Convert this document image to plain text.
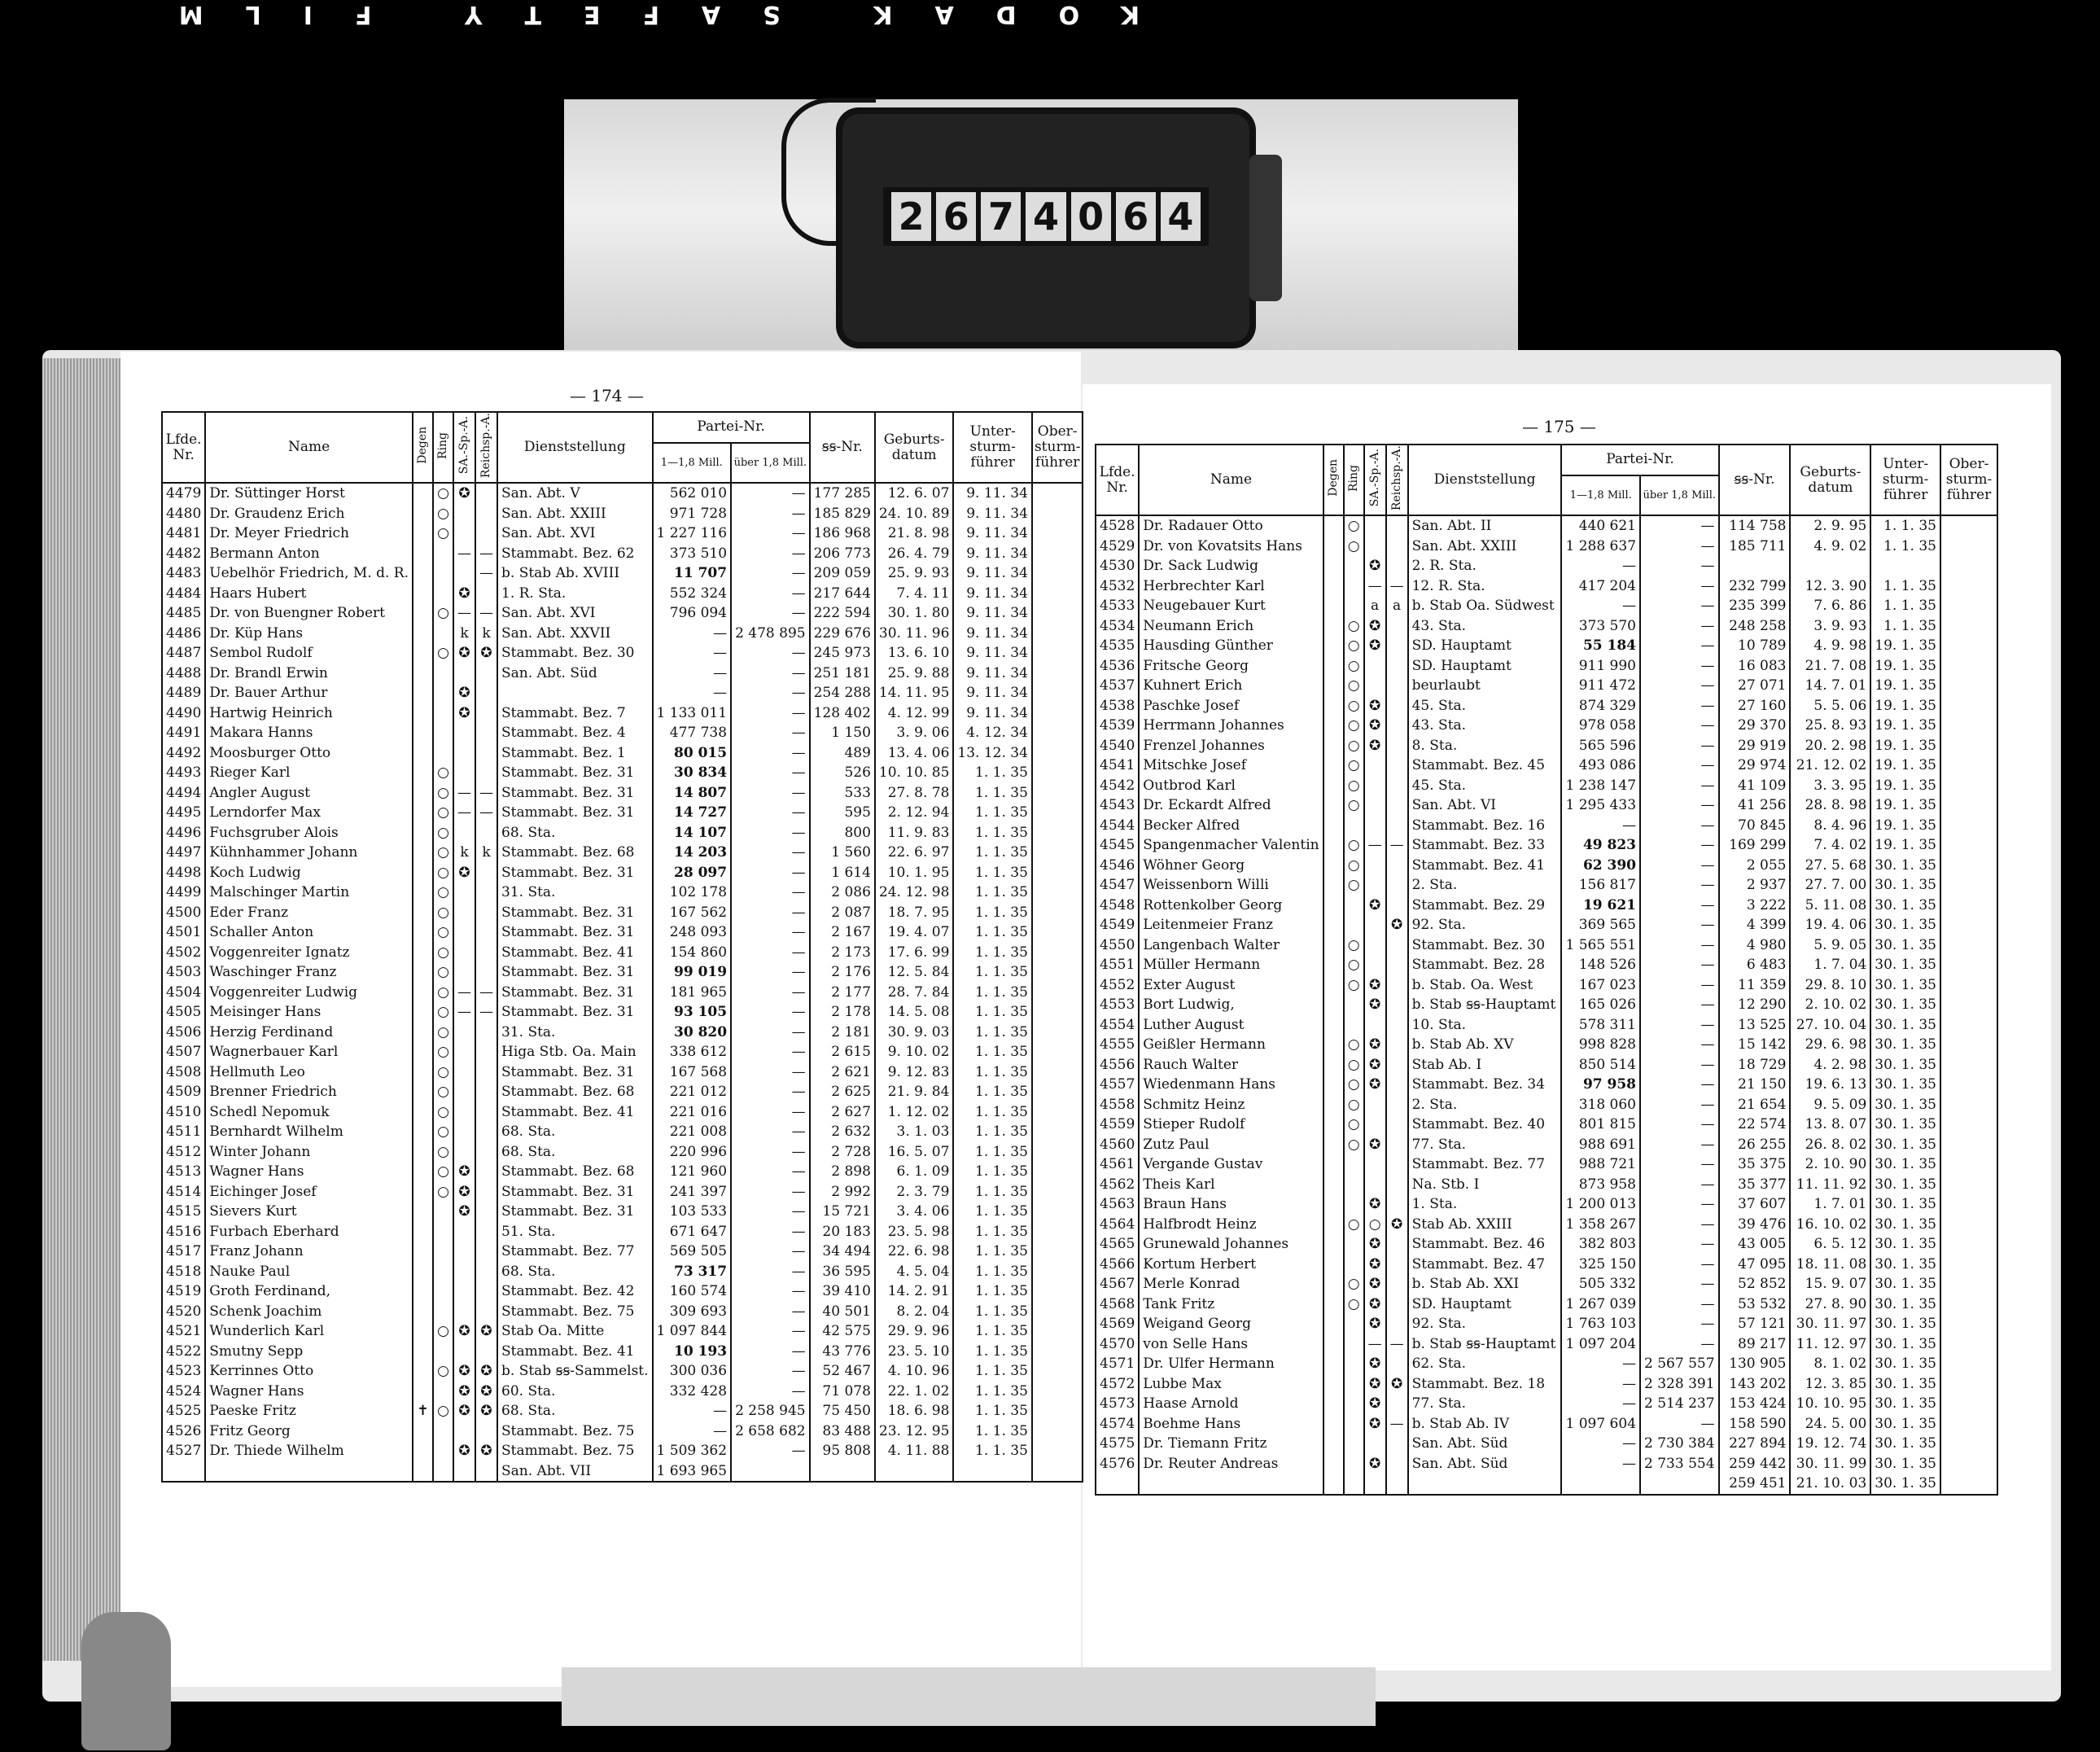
KODAK SAFETY FILM
2 6 7 4 0 6 4
— 174 —
— 175 —
Lfde. Nr.	Name	Degen	Ring	SA.-Sp.-A.	Reichsp.-A.	Dienststellung	Partei-Nr.		ꞩꞩ-Nr.	Geburts-datum	Unter-sturm-führer	Ober-sturm-führer
							1—1,8 Mill.	über 1,8 Mill.				
4479	Dr. Süttinger Horst		○	✪		San. Abt. V	562 010	—	177 285	12. 6. 07	9. 11. 34	
4480	Dr. Graudenz Erich		○			San. Abt. XXIII	971 728	—	185 829	24. 10. 89	9. 11. 34	
4481	Dr. Meyer Friedrich		○			San. Abt. XVI	1 227 116	—	186 968	21. 8. 98	9. 11. 34	
4482	Bermann Anton			—	—	Stammabt. Bez. 62	373 510	—	206 773	26. 4. 79	9. 11. 34	
4483	Uebelhör Friedrich, M. d. R.				—	b. Stab Ab. XVIII	11 707	—	209 059	25. 9. 93	9. 11. 34	
4484	Haars Hubert			✪		1. R. Sta.	552 324	—	217 644	7. 4. 11	9. 11. 34	
4485	Dr. von Buengner Robert		○	—	—	San. Abt. XVI	796 094	—	222 594	30. 1. 80	9. 11. 34	
4486	Dr. Küp Hans			k	k	San. Abt. XXVII	—	2 478 895	229 676	30. 11. 96	9. 11. 34	
4487	Sembol Rudolf		○	✪	✪	Stammabt. Bez. 30	—	—	245 973	13. 6. 10	9. 11. 34	
4488	Dr. Brandl Erwin					San. Abt. Süd	—	—	251 181	25. 9. 88	9. 11. 34	
4489	Dr. Bauer Arthur			✪			—	—	254 288	14. 11. 95	9. 11. 34	
4490	Hartwig Heinrich			✪		Stammabt. Bez. 7	1 133 011	—	128 402	4. 12. 99	9. 11. 34	
4491	Makara Hanns					Stammabt. Bez. 4	477 738	—	1 150	3. 9. 06	4. 12. 34	
4492	Moosburger Otto					Stammabt. Bez. 1	80 015	—	489	13. 4. 06	13. 12. 34	
4493	Rieger Karl		○			Stammabt. Bez. 31	30 834	—	526	10. 10. 85	1. 1. 35	
4494	Angler August		○	—	—	Stammabt. Bez. 31	14 807	—	533	27. 8. 78	1. 1. 35	
4495	Lerndorfer Max		○	—	—	Stammabt. Bez. 31	14 727	—	595	2. 12. 94	1. 1. 35	
4496	Fuchsgruber Alois		○			68. Sta.	14 107	—	800	11. 9. 83	1. 1. 35	
4497	Kühnhammer Johann		○	k	k	Stammabt. Bez. 68	14 203	—	1 560	22. 6. 97	1. 1. 35	
4498	Koch Ludwig		○	✪		Stammabt. Bez. 31	28 097	—	1 614	10. 1. 95	1. 1. 35	
4499	Malschinger Martin		○			31. Sta.	102 178	—	2 086	24. 12. 98	1. 1. 35	
4500	Eder Franz		○			Stammabt. Bez. 31	167 562	—	2 087	18. 7. 95	1. 1. 35	
4501	Schaller Anton		○			Stammabt. Bez. 31	248 093	—	2 167	19. 4. 07	1. 1. 35	
4502	Voggenreiter Ignatz		○			Stammabt. Bez. 41	154 860	—	2 173	17. 6. 99	1. 1. 35	
4503	Waschinger Franz		○			Stammabt. Bez. 31	99 019	—	2 176	12. 5. 84	1. 1. 35	
4504	Voggenreiter Ludwig		○	—	—	Stammabt. Bez. 31	181 965	—	2 177	28. 7. 84	1. 1. 35	
4505	Meisinger Hans		○	—	—	Stammabt. Bez. 31	93 105	—	2 178	14. 5. 08	1. 1. 35	
4506	Herzig Ferdinand		○			31. Sta.	30 820	—	2 181	30. 9. 03	1. 1. 35	
4507	Wagnerbauer Karl		○			Higa Stb. Oa. Main	338 612	—	2 615	9. 10. 02	1. 1. 35	
4508	Hellmuth Leo		○			Stammabt. Bez. 31	167 568	—	2 621	9. 12. 83	1. 1. 35	
4509	Brenner Friedrich		○			Stammabt. Bez. 68	221 012	—	2 625	21. 9. 84	1. 1. 35	
4510	Schedl Nepomuk		○			Stammabt. Bez. 41	221 016	—	2 627	1. 12. 02	1. 1. 35	
4511	Bernhardt Wilhelm		○			68. Sta.	221 008	—	2 632	3. 1. 03	1. 1. 35	
4512	Winter Johann		○			68. Sta.	220 996	—	2 728	16. 5. 07	1. 1. 35	
4513	Wagner Hans		○	✪		Stammabt. Bez. 68	121 960	—	2 898	6. 1. 09	1. 1. 35	
4514	Eichinger Josef		○	✪		Stammabt. Bez. 31	241 397	—	2 992	2. 3. 79	1. 1. 35	
4515	Sievers Kurt			✪		Stammabt. Bez. 31	103 533	—	15 721	3. 4. 06	1. 1. 35	
4516	Furbach Eberhard					51. Sta.	671 647	—	20 183	23. 5. 98	1. 1. 35	
4517	Franz Johann					Stammabt. Bez. 77	569 505	—	34 494	22. 6. 98	1. 1. 35	
4518	Nauke Paul					68. Sta.	73 317	—	36 595	4. 5. 04	1. 1. 35	
4519	Groth Ferdinand,					Stammabt. Bez. 42	160 574	—	39 410	14. 2. 91	1. 1. 35	
4520	Schenk Joachim					Stammabt. Bez. 75	309 693	—	40 501	8. 2. 04	1. 1. 35	
4521	Wunderlich Karl		○	✪	✪	Stab Oa. Mitte	1 097 844	—	42 575	29. 9. 96	1. 1. 35	
4522	Smutny Sepp					Stammabt. Bez. 41	10 193	—	43 776	23. 5. 10	1. 1. 35	
4523	Kerrinnes Otto		○	✪	✪	b. Stab ꞩꞩ-Sammelst.	300 036	—	52 467	4. 10. 96	1. 1. 35	
4524	Wagner Hans			✪	✪	60. Sta.	332 428	—	71 078	22. 1. 02	1. 1. 35	
4525	Paeske Fritz	✝	○	✪	✪	68. Sta.	—	2 258 945	75 450	18. 6. 98	1. 1. 35	
4526	Fritz Georg					Stammabt. Bez. 75	—	2 658 682	83 488	23. 12. 95	1. 1. 35	
4527	Dr. Thiede Wilhelm			✪	✪	Stammabt. Bez. 75	1 509 362	—	95 808	4. 11. 88	1. 1. 35	
						San. Abt. VII	1 693 965					
Lfde. Nr.	Name	Degen	Ring	SA.-Sp.-A.	Reichsp.-A.	Dienststellung	Partei-Nr.		ꞩꞩ-Nr.	Geburts-datum	Unter-sturm-führer	Ober-sturm-führer
							1—1,8 Mill.	über 1,8 Mill.				
4528	Dr. Radauer Otto		○			San. Abt. II	440 621	—	114 758	2. 9. 95	1. 1. 35	
4529	Dr. von Kovatsits Hans		○			San. Abt. XXIII	1 288 637	—	185 711	4. 9. 02	1. 1. 35	
4530	Dr. Sack Ludwig			✪		2. R. Sta.	—	—				
4532	Herbrechter Karl			—	—	12. R. Sta.	417 204	—	232 799	12. 3. 90	1. 1. 35	
4533	Neugebauer Kurt			a	a	b. Stab Oa. Südwest	—	—	235 399	7. 6. 86	1. 1. 35	
4534	Neumann Erich		○	✪		43. Sta.	373 570	—	248 258	3. 9. 93	1. 1. 35	
4535	Hausding Günther		○	✪		SD. Hauptamt	55 184	—	10 789	4. 9. 98	19. 1. 35	
4536	Fritsche Georg		○			SD. Hauptamt	911 990	—	16 083	21. 7. 08	19. 1. 35	
4537	Kuhnert Erich		○			beurlaubt	911 472	—	27 071	14. 7. 01	19. 1. 35	
4538	Paschke Josef		○	✪		45. Sta.	874 329	—	27 160	5. 5. 06	19. 1. 35	
4539	Herrmann Johannes		○	✪		43. Sta.	978 058	—	29 370	25. 8. 93	19. 1. 35	
4540	Frenzel Johannes		○	✪		8. Sta.	565 596	—	29 919	20. 2. 98	19. 1. 35	
4541	Mitschke Josef		○			Stammabt. Bez. 45	493 086	—	29 974	21. 12. 02	19. 1. 35	
4542	Outbrod Karl		○			45. Sta.	1 238 147	—	41 109	3. 3. 95	19. 1. 35	
4543	Dr. Eckardt Alfred		○			San. Abt. VI	1 295 433	—	41 256	28. 8. 98	19. 1. 35	
4544	Becker Alfred					Stammabt. Bez. 16	—	—	70 845	8. 4. 96	19. 1. 35	
4545	Spangenmacher Valentin		○	—	—	Stammabt. Bez. 33	49 823	—	169 299	7. 4. 02	19. 1. 35	
4546	Wöhner Georg		○			Stammabt. Bez. 41	62 390	—	2 055	27. 5. 68	30. 1. 35	
4547	Weissenborn Willi		○			2. Sta.	156 817	—	2 937	27. 7. 00	30. 1. 35	
4548	Rottenkolber Georg			✪		Stammabt. Bez. 29	19 621	—	3 222	5. 11. 08	30. 1. 35	
4549	Leitenmeier Franz				✪	92. Sta.	369 565	—	4 399	19. 4. 06	30. 1. 35	
4550	Langenbach Walter		○			Stammabt. Bez. 30	1 565 551	—	4 980	5. 9. 05	30. 1. 35	
4551	Müller Hermann		○			Stammabt. Bez. 28	148 526	—	6 483	1. 7. 04	30. 1. 35	
4552	Exter August		○	✪		b. Stab. Oa. West	167 023	—	11 359	29. 8. 10	30. 1. 35	
4553	Bort Ludwig,			✪		b. Stab ꞩꞩ-Hauptamt	165 026	—	12 290	2. 10. 02	30. 1. 35	
4554	Luther August					10. Sta.	578 311	—	13 525	27. 10. 04	30. 1. 35	
4555	Geißler Hermann		○	✪		b. Stab Ab. XV	998 828	—	15 142	29. 6. 98	30. 1. 35	
4556	Rauch Walter		○	✪		Stab Ab. I	850 514	—	18 729	4. 2. 98	30. 1. 35	
4557	Wiedenmann Hans		○	✪		Stammabt. Bez. 34	97 958	—	21 150	19. 6. 13	30. 1. 35	
4558	Schmitz Heinz		○			2. Sta.	318 060	—	21 654	9. 5. 09	30. 1. 35	
4559	Stieper Rudolf		○			Stammabt. Bez. 40	801 815	—	22 574	13. 8. 07	30. 1. 35	
4560	Zutz Paul		○	✪		77. Sta.	988 691	—	26 255	26. 8. 02	30. 1. 35	
4561	Vergande Gustav					Stammabt. Bez. 77	988 721	—	35 375	2. 10. 90	30. 1. 35	
4562	Theis Karl					Na. Stb. I	873 958	—	35 377	11. 11. 92	30. 1. 35	
4563	Braun Hans			✪		1. Sta.	1 200 013	—	37 607	1. 7. 01	30. 1. 35	
4564	Halfbrodt Heinz		○	○	✪	Stab Ab. XXIII	1 358 267	—	39 476	16. 10. 02	30. 1. 35	
4565	Grunewald Johannes			✪		Stammabt. Bez. 46	382 803	—	43 005	6. 5. 12	30. 1. 35	
4566	Kortum Herbert			✪		Stammabt. Bez. 47	325 150	—	47 095	18. 11. 08	30. 1. 35	
4567	Merle Konrad		○	✪		b. Stab Ab. XXI	505 332	—	52 852	15. 9. 07	30. 1. 35	
4568	Tank Fritz		○	✪		SD. Hauptamt	1 267 039	—	53 532	27. 8. 90	30. 1. 35	
4569	Weigand Georg			✪		92. Sta.	1 763 103	—	57 121	30. 11. 97	30. 1. 35	
4570	von Selle Hans			—	—	b. Stab ꞩꞩ-Hauptamt	1 097 204	—	89 217	11. 12. 97	30. 1. 35	
4571	Dr. Ulfer Hermann			✪		62. Sta.	—	2 567 557	130 905	8. 1. 02	30. 1. 35	
4572	Lubbe Max			✪	✪	Stammabt. Bez. 18	—	2 328 391	143 202	12. 3. 85	30. 1. 35	
4573	Haase Arnold			✪		77. Sta.	—	2 514 237	153 424	10. 10. 95	30. 1. 35	
4574	Boehme Hans			✪	—	b. Stab Ab. IV	1 097 604	—	158 590	24. 5. 00	30. 1. 35	
4575	Dr. Tiemann Fritz					San. Abt. Süd	—	2 730 384	227 894	19. 12. 74	30. 1. 35	
4576	Dr. Reuter Andreas			✪		San. Abt. Süd	—	2 733 554	259 442	30. 11. 99	30. 1. 35	
									259 451	21. 10. 03	30. 1. 35	
